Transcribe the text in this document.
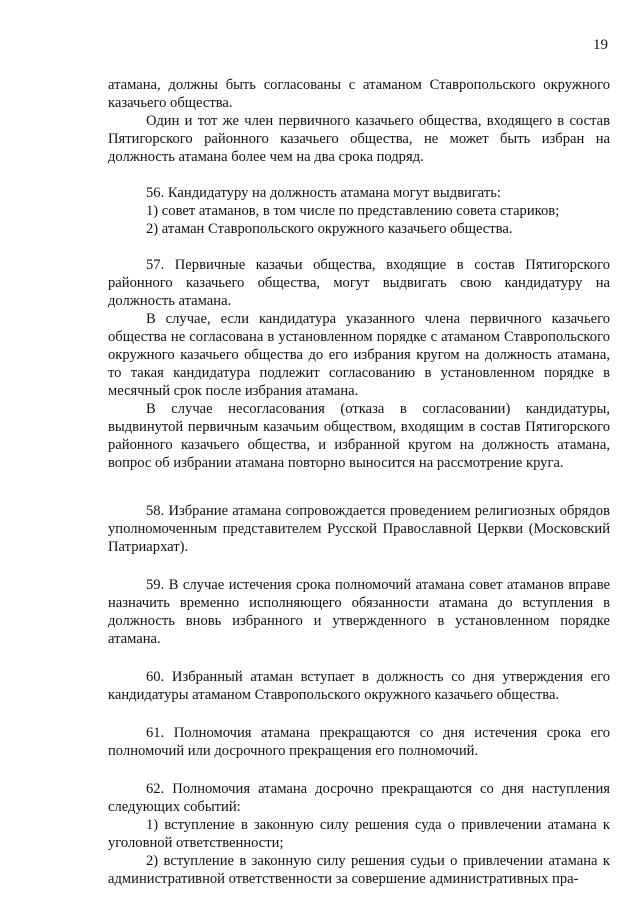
19

атамана, должны быть согласованы с атаманом Ставропольского окружного казачьего общества.

Один и тот же член первичного казачьего общества, входящего в состав Пятигорского районного казачьего общества, не может быть избран на должность атамана более чем на два срока подряд.

56. Кандидатуру на должность атамана могут выдвигать:

1) совет атаманов, в том числе по представлению совета стариков;

2) атаман Ставропольского окружного казачьего общества.

57. Первичные казачьи общества, входящие в состав Пятигорского районного казачьего общества, могут выдвигать свою кандидатуру на должность атамана.

В случае, если кандидатура указанного члена первичного казачьего общества не согласована в установленном порядке с атаманом Ставропольского окружного казачьего общества до его избрания кругом на должность атамана, то такая кандидатура подлежит согласованию в установленном порядке в месячный срок после избрания атамана.

В случае несогласования (отказа в согласовании) кандидатуры, выдвинутой первичным казачьим обществом, входящим в состав Пятигорского районного казачьего общества, и избранной кругом на должность атамана, вопрос об избрании атамана повторно выносится на рассмотрение круга.

58. Избрание атамана сопровождается проведением религиозных обрядов уполномоченным представителем Русской Православной Церкви (Московский Патриархат).

59. В случае истечения срока полномочий атамана совет атаманов вправе назначить временно исполняющего обязанности атамана до вступления в должность вновь избранного и утвержденного в установленном порядке атамана.

60. Избранный атаман вступает в должность со дня утверждения его кандидатуры атаманом Ставропольского окружного казачьего общества.

61. Полномочия атамана прекращаются со дня истечения срока его полномочий или досрочного прекращения его полномочий.

62. Полномочия атамана досрочно прекращаются со дня наступления следующих событий:

1) вступление в законную силу решения суда о привлечении атамана к уголовной ответственности;

2) вступление в законную силу решения судьи о привлечении атамана к административной ответственности за совершение административных пра-
